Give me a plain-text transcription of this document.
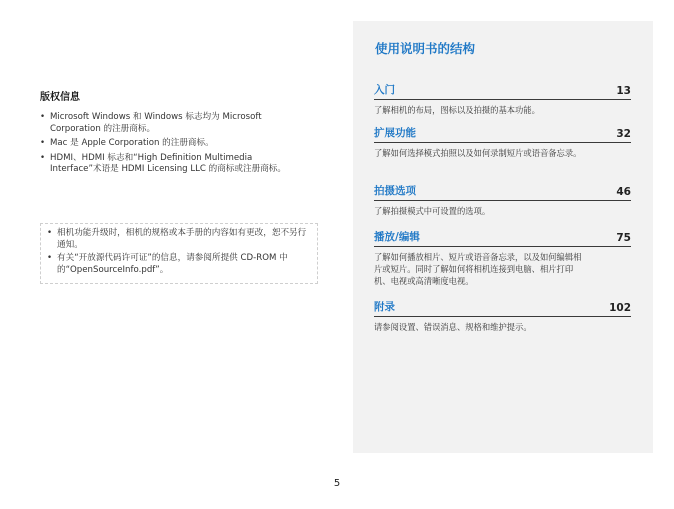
版权信息
• Microsoft Windows 和 Windows 标志均为 Microsoft Corporation 的注册商标。
• Mac 是 Apple Corporation 的注册商标。
• HDMI、HDMI 标志和“High Definition Multimedia Interface”术语是 HDMI Licensing LLC 的商标或注册商标。
• 相机功能升级时，相机的规格或本手册的内容如有更改，恕不另行通知。
• 有关“开放源代码许可证”的信息，请参阅所提供 CD-ROM 中的“OpenSourceInfo.pdf”。
使用说明书的结构
入门	13
了解相机的布局，图标以及拍摄的基本功能。
扩展功能	32
了解如何选择模式拍照以及如何录制短片或语音备忘录。
拍摄选项	46
了解拍摄模式中可设置的选项。
播放/编辑	75
了解如何播放相片、短片或语音备忘录，以及如何编辑相片或短片。同时了解如何将相机连接到电脑、相片打印机、电视或高清晰度电视。
附录	102
请参阅设置、错误消息、规格和维护提示。
5
